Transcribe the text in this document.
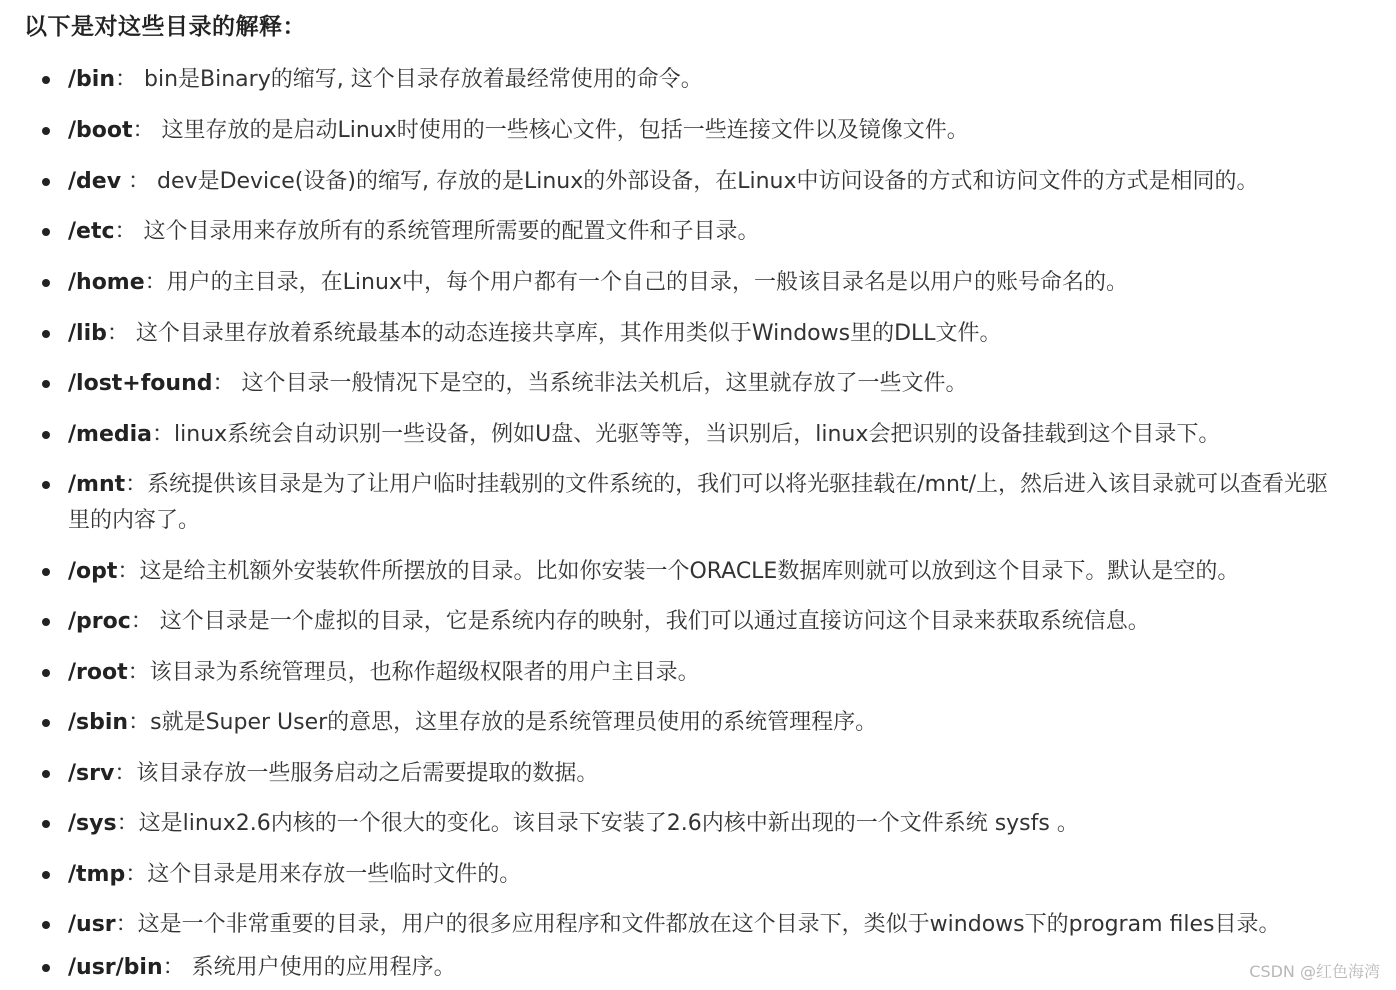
以下是对这些目录的解释：
/bin： bin是Binary的缩写, 这个目录存放着最经常使用的命令。
/boot： 这里存放的是启动Linux时使用的一些核心文件，包括一些连接文件以及镜像文件。
/dev ： dev是Device(设备)的缩写, 存放的是Linux的外部设备，在Linux中访问设备的方式和访问文件的方式是相同的。
/etc： 这个目录用来存放所有的系统管理所需要的配置文件和子目录。
/home：用户的主目录，在Linux中，每个用户都有一个自己的目录，一般该目录名是以用户的账号命名的。
/lib： 这个目录里存放着系统最基本的动态连接共享库，其作用类似于Windows里的DLL文件。
/lost+found： 这个目录一般情况下是空的，当系统非法关机后，这里就存放了一些文件。
/media：linux系统会自动识别一些设备，例如U盘、光驱等等，当识别后，linux会把识别的设备挂载到这个目录下。
/mnt：系统提供该目录是为了让用户临时挂载别的文件系统的，我们可以将光驱挂载在/mnt/上，然后进入该目录就可以查看光驱里的内容了。
/opt：这是给主机额外安装软件所摆放的目录。比如你安装一个ORACLE数据库则就可以放到这个目录下。默认是空的。
/proc： 这个目录是一个虚拟的目录，它是系统内存的映射，我们可以通过直接访问这个目录来获取系统信息。
/root：该目录为系统管理员，也称作超级权限者的用户主目录。
/sbin：s就是Super User的意思，这里存放的是系统管理员使用的系统管理程序。
/srv：该目录存放一些服务启动之后需要提取的数据。
/sys：这是linux2.6内核的一个很大的变化。该目录下安装了2.6内核中新出现的一个文件系统 sysfs 。
/tmp：这个目录是用来存放一些临时文件的。
/usr：这是一个非常重要的目录，用户的很多应用程序和文件都放在这个目录下，类似于windows下的program files目录。
/usr/bin： 系统用户使用的应用程序。	CSDN @红色海湾
